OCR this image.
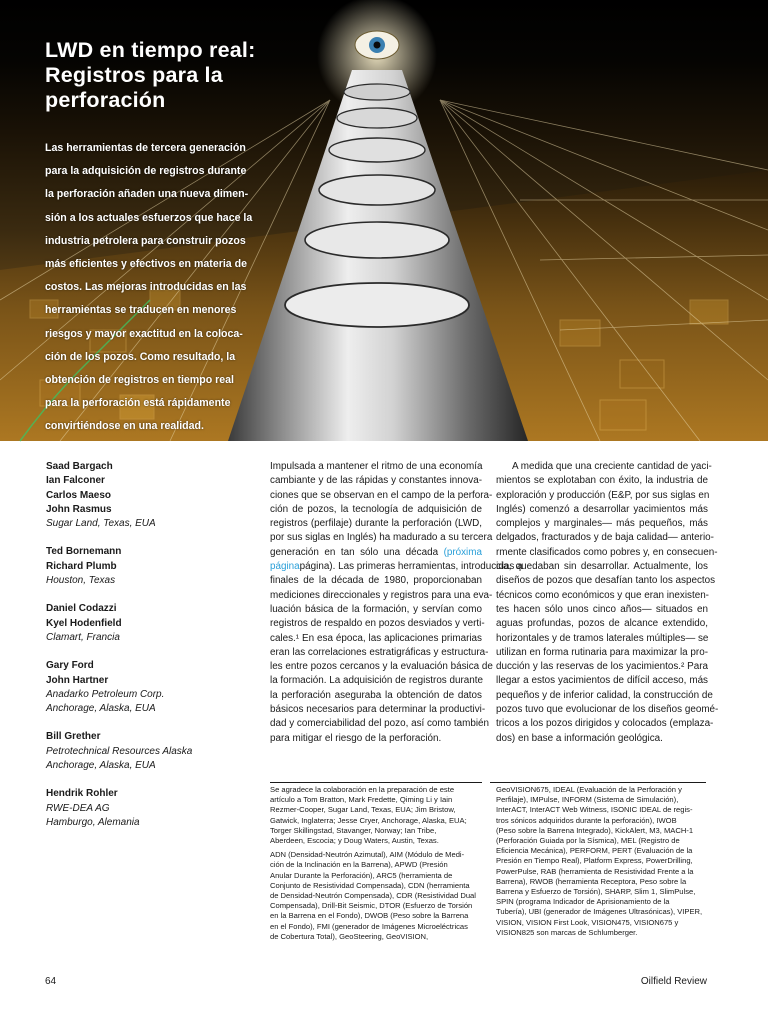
LWD en tiempo real:
Registros para la perforación
Las herramientas de tercera generación
para la adquisición de registros durante
la perforación añaden una nueva dimen-
sión a los actuales esfuerzos que hace la
industria petrolera para construir pozos
más eficientes y efectivos en materia de
costos. Las mejoras introducidas en las
herramientas se traducen en menores
riesgos y mayor exactitud en la coloca-
ción de los pozos. Como resultado, la
obtención de registros en tiempo real
para la perforación está rápidamente
convirtiéndose en una realidad.
Saad Bargach
Ian Falconer
Carlos Maeso
John Rasmus
Sugar Land, Texas, EUA
Ted Bornemann
Richard Plumb
Houston, Texas
Daniel Codazzi
Kyel Hodenfield
Clamart, Francia
Gary Ford
John Hartner
Anadarko Petroleum Corp.
Anchorage, Alaska, EUA
Bill Grether
Petrotechnical Resources Alaska
Anchorage, Alaska, EUA
Hendrik Rohler
RWE-DEA AG
Hamburgo, Alemania
Impulsada a mantener el ritmo de una economía
cambiante y de las rápidas y constantes innova-
ciones que se observan en el campo de la perfora-
ción de pozos, la tecnología de adquisición de
registros (perfilaje) durante la perforación (LWD,
por sus siglas en Inglés) ha madurado a su tercera
generación en tan sólo una década (próxima
páginapágina). Las primeras herramientas, introducidas a
finales de la década de 1980, proporcionaban
mediciones direccionales y registros para una eva-
luación básica de la formación, y servían como
registros de respaldo en pozos desviados y verti-
cales.¹ En esa época, las aplicaciones primarias
eran las correlaciones estratigráficas y estructura-
les entre pozos cercanos y la evaluación básica de
la formación. La adquisición de registros durante
la perforación aseguraba la obtención de datos
básicos necesarios para determinar la productivi-
dad y comerciabilidad del pozo, así como también
para mitigar el riesgo de la perforación.
A medida que una creciente cantidad de yaci-
mientos se explotaban con éxito, la industria de
exploración y producción (E&P, por sus siglas en
Inglés) comenzó a desarrollar yacimientos más
complejos y marginales— más pequeños, más
delgados, fracturados y de baja calidad— anterio-
rmente clasificados como pobres y, en consecuen-
cia, quedaban sin desarrollar. Actualmente, los
diseños de pozos que desafían tanto los aspectos
técnicos como económicos y que eran inexisten-
tes hacen sólo unos cinco años— situados en
aguas profundas, pozos de alcance extendido,
horizontales y de tramos laterales múltiples— se
utilizan en forma rutinaria para maximizar la pro-
ducción y las reservas de los yacimientos.² Para
llegar a estos yacimientos de difícil acceso, más
pequeños y de inferior calidad, la construcción de
pozos tuvo que evolucionar de los diseños geomé-
tricos a los pozos dirigidos y colocados (emplaza-
dos) en base a información geológica.
Se agradece la colaboración en la preparación de este
artículo a Tom Bratton, Mark Fredette, Qiming Li y Iain
Rezmer-Cooper, Sugar Land, Texas, EUA; Jim Bristow,
Gatwick, Inglaterra; Jesse Cryer, Anchorage, Alaska, EUA;
Torger Skillingstad, Stavanger, Norway; Ian Tribe,
Aberdeen, Escocia; y Doug Waters, Austin, Texas.
ADN (Densidad-Neutrón Azimutal), AIM (Módulo de Medi-
ción de la Inclinación en la Barrena), APWD (Presión
Anular Durante la Perforación), ARC5 (herramienta de
Conjunto de Resistividad Compensada), CDN (herramienta
de Densidad-Neutrón Compensada), CDR (Resistividad Dual
Compensada), Drill-Bit Seismic, DTOR (Esfuerzo de Torsión
en la Barrena en el Fondo), DWOB (Peso sobre la Barrena
en el Fondo), FMI (generador de Imágenes Microeléctricas
de Cobertura Total), GeoSteering, GeoVISION,
GeoVISION675, IDEAL (Evaluación de la Perforación y
Perfilaje), IMPulse, INFORM (Sistema de Simulación),
InterACT, InterACT Web Witness, ISONIC IDEAL de regis-
tros sónicos adquiridos durante la perforación), IWOB
(Peso sobre la Barrena Integrado), KickAlert, M3, MACH-1
(Perforación Guiada por la Sísmica), MEL (Registro de
Eficiencia Mecánica), PERFORM, PERT (Evaluación de la
Presión en Tiempo Real), Platform Express, PowerDrilling,
PowerPulse, RAB (herramienta de Resistividad Frente a la
Barrena), RWOB (herramienta Receptora, Peso sobre la
Barrena y Esfuerzo de Torsión), SHARP, Slim 1, SlimPulse,
SPIN (programa Indicador de Aprisionamiento de la
Tubería), UBI (generador de Imágenes Ultrasónicas), VIPER,
VISION, VISION First Look, VISION475, VISION675 y
VISION825 son marcas de Schlumberger.
64	Oilfield Review
